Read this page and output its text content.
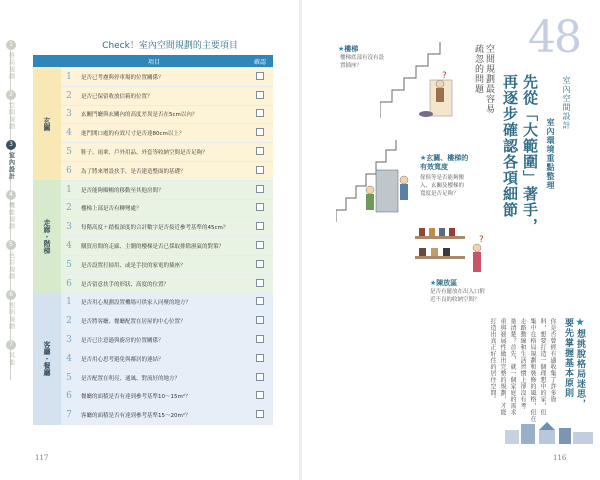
1
格局規劃
2
空間規劃
3
室內設計
4
機能規劃
5
色彩規劃
6
照明規劃
7
其他
Check！室內空間規劃的主要項目
	項目		確認

玄關	1	是否已考慮與停車場的位置關係？	
	2	是否已保留收放信箱的位置？	
	3	玄關門廳與玄關內的高度差異是否在5cm以內？	
	4	進門開口處的有效尺寸是否達80cm以上？	
	5	鞋子、雨傘、戶外用品、外套等收納空間是否足夠？	
	6	為了將來增設扶手，是否建造整面的基礎？	

走廊・階梯	1	是否能夠順暢的移動至其他房間？	
	2	樓梯上部是否有轉彎處？	
	3	每階高度＋踏板深度的合計數字是否接近參考基準的45cm？	
	4	購買房間的走廊、主側的樓梯是否已採取排除濕氣的對策？	
	5	是否設置打掃用、或是手扶的家電的插座？	
	6	是否留意扶手的形狀、高度的位置？	

客廳・餐廳	1	是否用心規劃設置機場可供家人同聚的地方？	
	2	是否將客廳、餐廳配置在居屋的中心位置？	
	3	是否已注意過與廚房的位置關係？	
	4	是否用心思考避免與鄰居的連結？	
	5	是否配置在明亮、通風、對流好的地方？	
	6	餐廳的面積是否有達到參考基準10〜15m²？	
	7	客廳的面積是否有達到參考基準15〜20m²？	
117	116
48
室內空間設計
室內環境重點整理
先從「大範圍」著手，
再逐步確認各項細節
空間規劃最容易
疏忽的問題
★樓梯
樓梯底部有沒有設置插座？
★玄關、樓梯的有效寬度
傢俱等是否能夠搬入，玄關及樓梯的寬度是否足夠？
★陳放區
是否有擺放在出入口附近不良的收納空間？
?
?
★想挑脫格局迷思，
要先掌握基本原則
你是否曾經有過收集了許多資
料，想要打造一個理想中的家，但
集中在格局規劃和裝修的風格，但在
走路動線和生活習慣上卻沒有考
量清楚？首先，就一個家庭的需求
重與發展性做出完整的規劃，才能
打造出真正好住的居住空間。
